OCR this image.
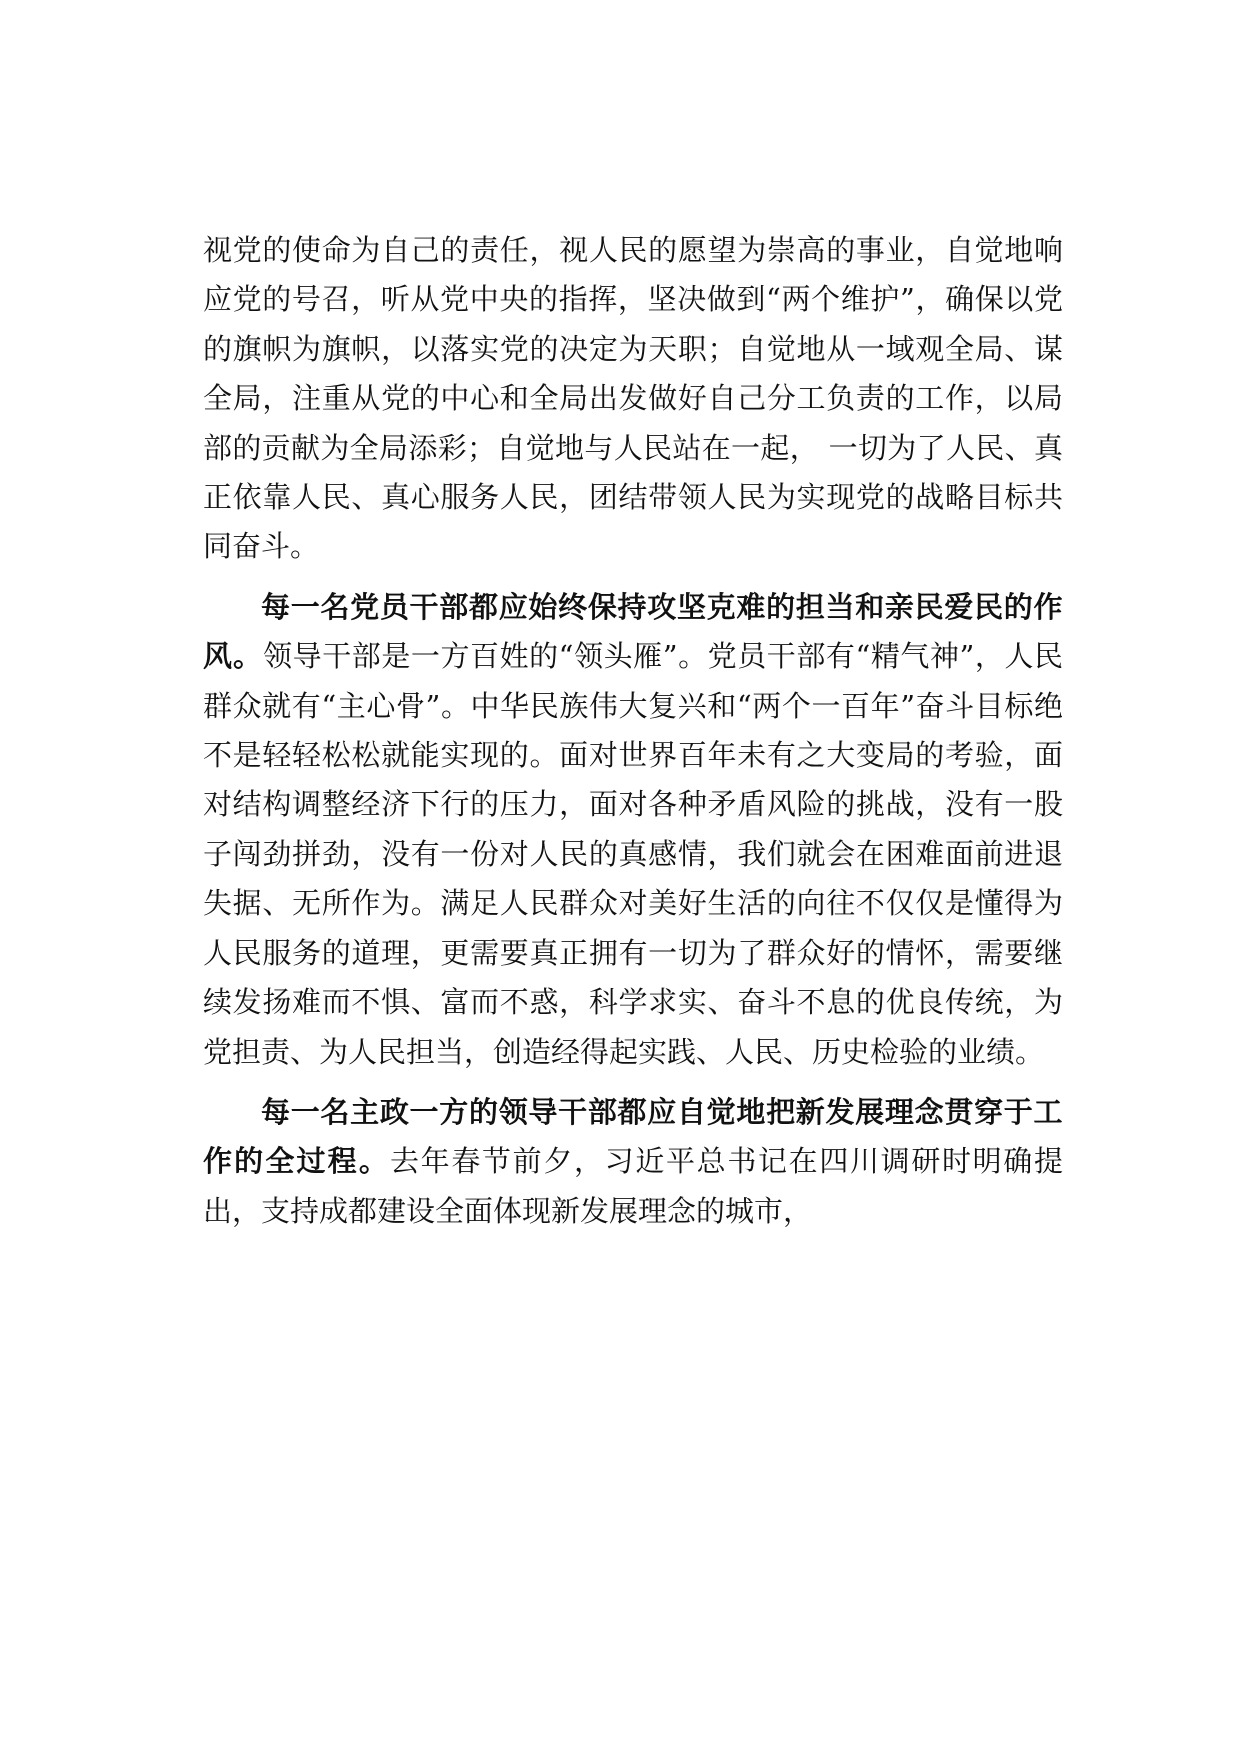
视党的使命为自己的责任，视人民的愿望为崇高的事业，自觉地响应党的号召，听从党中央的指挥，坚决做到“两个维护”，确保以党的旗帜为旗帜，以落实党的决定为天职；自觉地从一域观全局、谋全局，注重从党的中心和全局出发做好自己分工负责的工作，以局部的贡献为全局添彩；自觉地与人民站在一起， 一切为了人民、真正依靠人民、真心服务人民，团结带领人民为实现党的战略目标共同奋斗。

每一名党员干部都应始终保持攻坚克难的担当和亲民爱民的作风。领导干部是一方百姓的“领头雁”。党员干部有“精气神”，人民群众就有“主心骨”。中华民族伟大复兴和“两个一百年”奋斗目标绝不是轻轻松松就能实现的。面对世界百年未有之大变局的考验，面对结构调整经济下行的压力，面对各种矛盾风险的挑战，没有一股子闯劲拼劲，没有一份对人民的真感情，我们就会在困难面前进退失据、无所作为。满足人民群众对美好生活的向往不仅仅是懂得为人民服务的道理，更需要真正拥有一切为了群众好的情怀，需要继续发扬难而不惧、富而不惑，科学求实、奋斗不息的优良传统，为党担责、为人民担当，创造经得起实践、人民、历史检验的业绩。

每一名主政一方的领导干部都应自觉地把新发展理念贯穿于工作的全过程。去年春节前夕，习近平总书记在四川调研时明确提出，支持成都建设全面体现新发展理念的城市，
